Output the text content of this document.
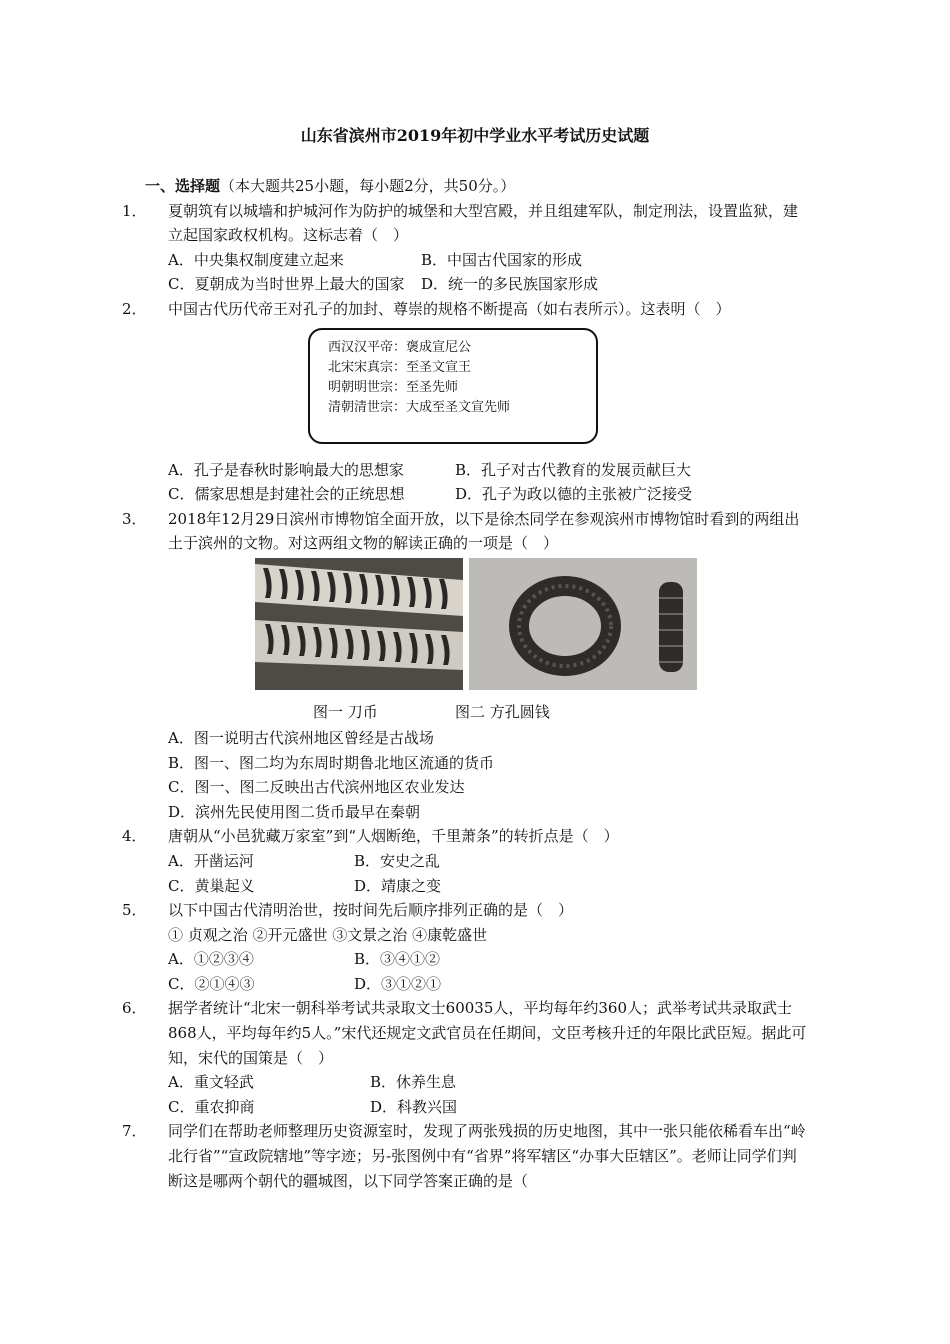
山东省滨州市2019年初中学业水平考试历史试题

一、选择题（本大题共25小题，每小题2分，共50分。）

1． 夏朝筑有以城墙和护城河作为防护的城堡和大型宫殿，并且组建军队，制定刑法，设置监狱，建立起国家政权机构。这标志着（　）
A．中央集权制度建立起来	B．中国古代国家的形成
C．夏朝成为当时世界上最大的国家	D．统一的多民族国家形成
2． 中国古代历代帝王对孔子的加封、尊崇的规格不断提高（如右表所示）。这表明（　）
西汉汉平帝：褒成宣尼公
北宋宋真宗：至圣文宣王
明朝明世宗：至圣先师
清朝清世宗：大成至圣文宣先师
A．孔子是春秋时影响最大的思想家	B．孔子对古代教育的发展贡献巨大
C．儒家思想是封建社会的正统思想	D．孔子为政以德的主张被广泛接受
3． 2018年12月29日滨州市博物馆全面开放，以下是徐杰同学在参观滨州市博物馆时看到的两组出土于滨州的文物。对这两组文物的解读正确的一项是（　）
图一 刀币	图二 方孔圆钱
A．图一说明古代滨州地区曾经是古战场
B．图一、图二均为东周时期鲁北地区流通的货币
C．图一、图二反映出古代滨州地区农业发达
D．滨州先民使用图二货币最早在秦朝
4． 唐朝从“小邑犹藏万家室”到“人烟断绝，千里萧条”的转折点是（　）
A．开凿运河	B．安史之乱
C．黄巢起义	D．靖康之变
5． 以下中国古代清明治世，按时间先后顺序排列正确的是（　）
① 贞观之治 ②开元盛世 ③文景之治 ④康乾盛世
A．①②③④	B．③④①②
C．②①④③	D．③①②①
6． 据学者统计“北宋一朝科举考试共录取文士60035人，平均每年约360人；武举考试共录取武士868人，平均每年约5人。”宋代还规定文武官员在任期间，文臣考核升迁的年限比武臣短。据此可知，宋代的国策是（　）
A．重文轻武	B．休养生息
C．重农抑商	D．科教兴国
7． 同学们在帮助老师整理历史资源室时，发现了两张残损的历史地图，其中一张只能依稀看车出“岭北行省”“宣政院辖地”等字迹；另-张图例中有“省界”将军辖区“办事大臣辖区”。老师让同学们判断这是哪两个朝代的疆城图，以下同学答案正确的是（
